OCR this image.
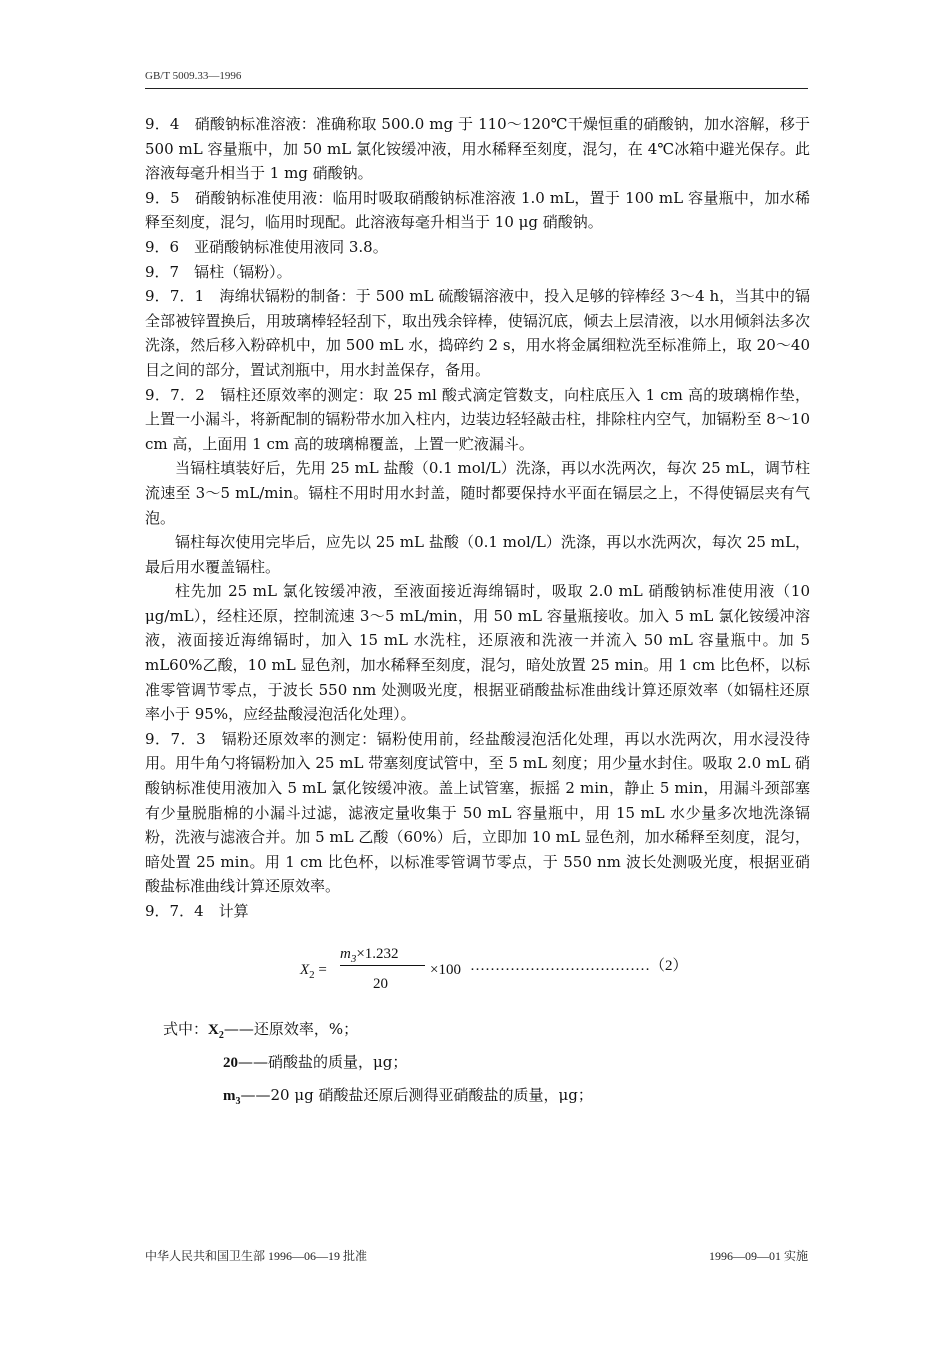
GB/T 5009.33—1996

9．4　硝酸钠标准溶液：准确称取 500.0 mg 于 110～120℃干燥恒重的硝酸钠，加水溶解，移于 500 mL 容量瓶中，加 50 mL 氯化铵缓冲液，用水稀释至刻度，混匀，在 4℃冰箱中避光保存。此溶液每毫升相当于 1 mg 硝酸钠。

9．5　硝酸钠标准使用液：临用时吸取硝酸钠标准溶液 1.0 mL，置于 100 mL 容量瓶中，加水稀释至刻度，混匀，临用时现配。此溶液每毫升相当于 10 μg 硝酸钠。

9．6　亚硝酸钠标准使用液同 3.8。

9．7　镉柱（镉粉）。

9．7．1　海绵状镉粉的制备：于 500 mL 硫酸镉溶液中，投入足够的锌棒经 3～4 h，当其中的镉全部被锌置换后，用玻璃棒轻轻刮下，取出残余锌棒，使镉沉底，倾去上层清液，以水用倾斜法多次洗涤，然后移入粉碎机中，加 500 mL 水，捣碎约 2 s，用水将金属细粒洗至标准筛上，取 20～40 目之间的部分，置试剂瓶中，用水封盖保存，备用。

9．7．2　镉柱还原效率的测定：取 25 ml 酸式滴定管数支，向柱底压入 1 cm 高的玻璃棉作垫，上置一小漏斗，将新配制的镉粉带水加入柱内，边装边轻轻敲击柱，排除柱内空气，加镉粉至 8～10 cm 高，上面用 1 cm 高的玻璃棉覆盖，上置一贮液漏斗。

当镉柱填装好后，先用 25 mL 盐酸（0.1 mol/L）洗涤，再以水洗两次，每次 25 mL，调节柱流速至 3～5 mL/min。镉柱不用时用水封盖，随时都要保持水平面在镉层之上，不得使镉层夹有气泡。

镉柱每次使用完毕后，应先以 25 mL 盐酸（0.1 mol/L）洗涤，再以水洗两次，每次 25 mL，最后用水覆盖镉柱。

柱先加 25 mL 氯化铵缓冲液，至液面接近海绵镉时，吸取 2.0 mL 硝酸钠标准使用液（10 μg/mL），经柱还原，控制流速 3～5 mL/min，用 50 mL 容量瓶接收。加入 5 mL 氯化铵缓冲溶液，液面接近海绵镉时，加入 15 mL 水洗柱，还原液和洗液一并流入 50 mL 容量瓶中。加 5 mL60%乙酸，10 mL 显色剂，加水稀释至刻度，混匀，暗处放置 25 min。用 1 cm 比色杯，以标准零管调节零点，于波长 550 nm 处测吸光度，根据亚硝酸盐标准曲线计算还原效率（如镉柱还原率小于 95%，应经盐酸浸泡活化处理）。

9．7．3　镉粉还原效率的测定：镉粉使用前，经盐酸浸泡活化处理，再以水洗两次，用水浸没待用。用牛角勺将镉粉加入 25 mL 带塞刻度试管中，至 5 mL 刻度；用少量水封住。吸取 2.0 mL 硝酸钠标准使用液加入 5 mL 氯化铵缓冲液。盖上试管塞，振摇 2 min，静止 5 min，用漏斗颈部塞有少量脱脂棉的小漏斗过滤，滤液定量收集于 50 mL 容量瓶中，用 15 mL 水少量多次地洗涤镉粉，洗液与滤液合并。加 5 mL 乙酸（60%）后，立即加 10 mL 显色剂，加水稀释至刻度，混匀，暗处置 25 min。用 1 cm 比色杯，以标准零管调节零点，于 550 nm 波长处测吸光度，根据亚硝酸盐标准曲线计算还原效率。

9．7．4　计算

$X_2$ =
$m_3\times 1.232$
20
×100 ………………………………（2）

式中：$X_2——$还原效率，%；

20——硝酸盐的质量，μg；

$m_3——20$ μg 硝酸盐还原后测得亚硝酸盐的质量，μg；

中华人民共和国卫生部 1996—06—19 批准	1996—09—01 实施
